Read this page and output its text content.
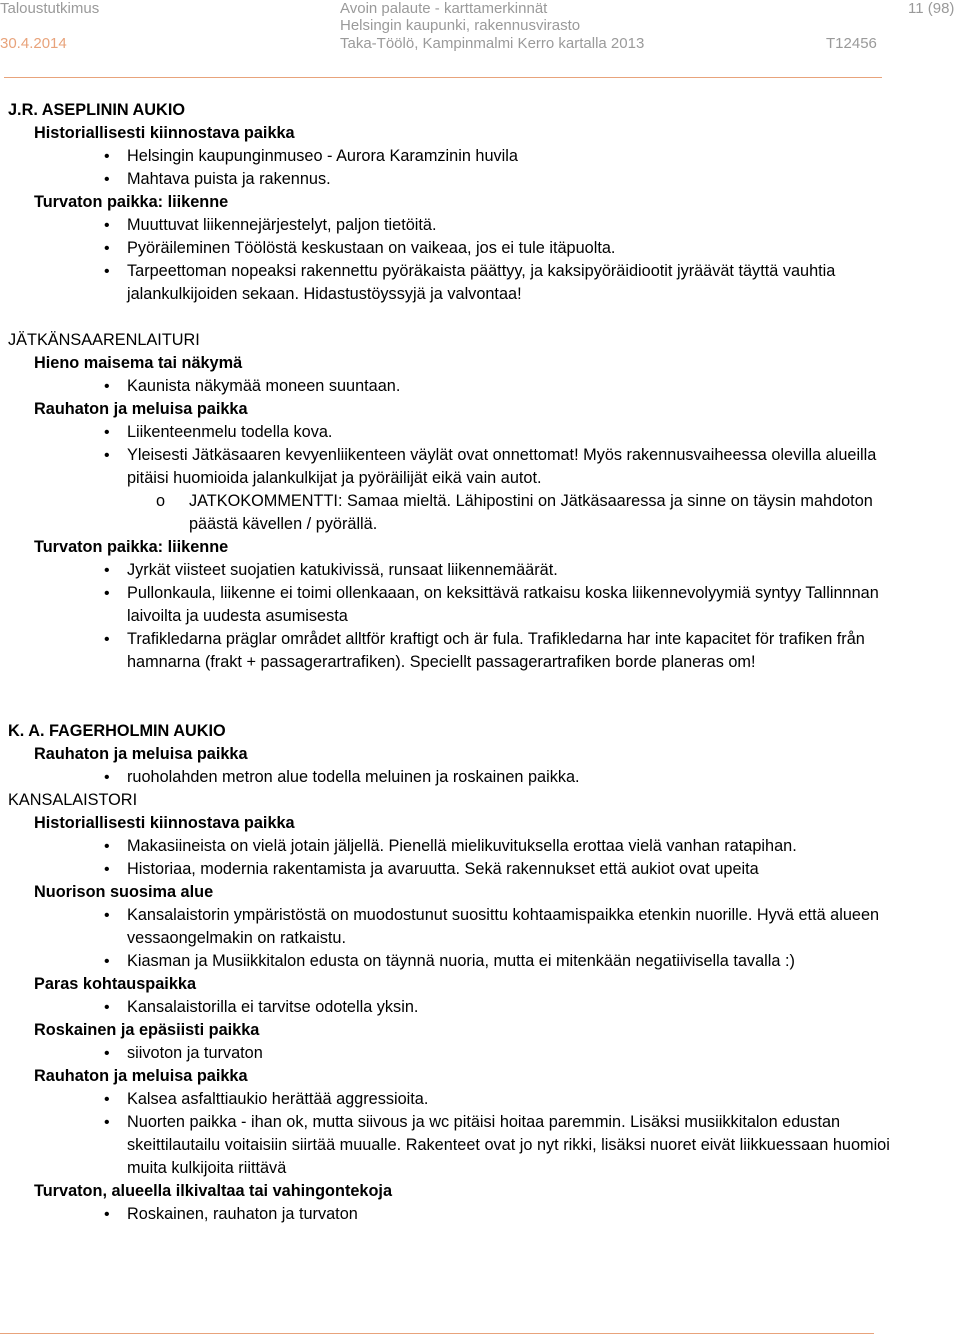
Taloustutkimus
30.4.2014
Avoin palaute - karttamerkinnät
Helsingin kaupunki, rakennusvirasto
Taka-Töölö, Kampinmalmi Kerro kartalla 2013
11 (98)
T12456
J.R. ASEPLININ AUKIO
Historiallisesti kiinnostava paikka
• Helsingin kaupunginmuseo - Aurora Karamzinin huvila
• Mahtava puista ja rakennus.
Turvaton paikka: liikenne
• Muuttuvat liikennejärjestelyt, paljon tietöitä.
• Pyöräileminen Töölöstä keskustaan on vaikeaa, jos ei tule itäpuolta.
• Tarpeettoman nopeaksi rakennettu pyöräkaista päättyy, ja kaksipyöräidiootit jyräävät täyttä vauhtia jalankulkijoiden sekaan. Hidastustöyssyjä ja valvontaa!
JÄTKÄNSAARENLAITURI
Hieno maisema tai näkymä
• Kaunista näkymää moneen suuntaan.
Rauhaton ja meluisa paikka
• Liikenteenmelu todella kova.
• Yleisesti Jätkäsaaren kevyenliikenteen väylät ovat onnettomat! Myös rakennusvaiheessa olevilla alueilla pitäisi huomioida jalankulkijat ja pyöräilijät eikä vain autot.
o JATKOKOMMENTTI: Samaa mieltä. Lähipostini on Jätkäsaaressa ja sinne on täysin mahdoton päästä kävellen / pyörällä.
Turvaton paikka: liikenne
• Jyrkät viisteet suojatien katukivissä, runsaat liikennemäärät.
• Pullonkaula, liikenne ei toimi ollenkaaan, on keksittävä ratkaisu koska liikennevolyymiä syntyy Tallinnnan laivoilta ja uudesta asumisesta
• Trafikledarna präglar området alltför kraftigt och är fula. Trafikledarna har inte kapacitet för trafiken från hamnarna (frakt + passagerartrafiken). Speciellt passagerartrafiken borde planeras om!
K. A. FAGERHOLMIN AUKIO
Rauhaton ja meluisa paikka
• ruoholahden metron alue todella meluinen ja roskainen paikka.
KANSALAISTORI
Historiallisesti kiinnostava paikka
• Makasiineista on vielä jotain jäljellä. Pienellä mielikuvituksella erottaa vielä vanhan ratapihan.
• Historiaa, modernia rakentamista ja avaruutta. Sekä rakennukset että aukiot ovat upeita
Nuorison suosima alue
• Kansalaistorin ympäristöstä on muodostunut suosittu kohtaamispaikka etenkin nuorille. Hyvä että alueen vessaongelmakin on ratkaistu.
• Kiasman ja Musiikkitalon edusta on täynnä nuoria, mutta ei mitenkään negatiivisella tavalla :)
Paras kohtauspaikka
• Kansalaistorilla ei tarvitse odotella yksin.
Roskainen ja epäsiisti paikka
• siivoton ja turvaton
Rauhaton ja meluisa paikka
• Kalsea asfalttiaukio herättää aggressioita.
• Nuorten paikka - ihan ok, mutta siivous ja wc pitäisi hoitaa paremmin. Lisäksi musiikkitalon edustan skeittilautailu voitaisiin siirtää muualle. Rakenteet ovat jo nyt rikki, lisäksi nuoret eivät liikkuessaan huomioi muita kulkijoita riittävä
Turvaton, alueella ilkivaltaa tai vahingontekoja
• Roskainen, rauhaton ja turvaton
